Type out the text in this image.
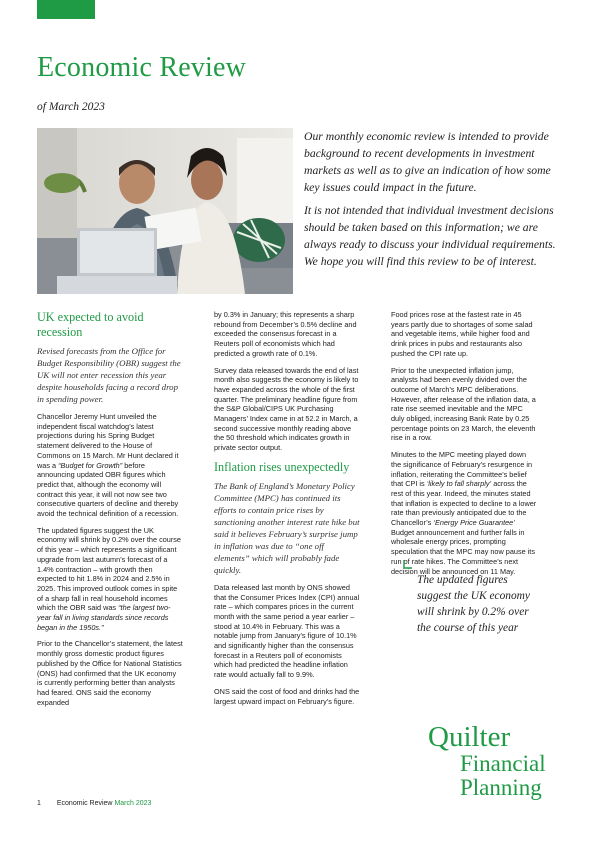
Economic Review
of March 2023

Our monthly economic review is intended to provide background to recent developments in investment markets as well as to give an indication of how some key issues could impact in the future.

It is not intended that individual investment decisions should be taken based on this information; we are always ready to discuss your individual requirements. We hope you will find this review to be of interest.

UK expected to avoid recession

Revised forecasts from the Office for Budget Responsibility (OBR) suggest the UK will not enter recession this year despite households facing a record drop in spending power.

Chancellor Jeremy Hunt unveiled the independent fiscal watchdog’s latest projections during his Spring Budget statement delivered to the House of Commons on 15 March. Mr Hunt declared it was a “Budget for Growth” before announcing updated OBR figures which predict that, although the economy will contract this year, it will not now see two consecutive quarters of decline and thereby avoid the technical definition of a recession.

The updated figures suggest the UK economy will shrink by 0.2% over the course of this year – which represents a significant upgrade from last autumn’s forecast of a 1.4% contraction – with growth then expected to hit 1.8% in 2024 and 2.5% in 2025. This improved outlook comes in spite of a sharp fall in real household incomes which the OBR said was “the largest two-year fall in living standards since records began in the 1950s.”

Prior to the Chancellor’s statement, the latest monthly gross domestic product figures published by the Office for National Statistics (ONS) had confirmed that the UK economy is currently performing better than analysts had feared. ONS said the economy expanded

by 0.3% in January; this represents a sharp rebound from December’s 0.5% decline and exceeded the consensus forecast in a Reuters poll of economists which had predicted a growth rate of 0.1%.

Survey data released towards the end of last month also suggests the economy is likely to have expanded across the whole of the first quarter. The preliminary headline figure from the S&P Global/CIPS UK Purchasing Managers’ Index came in at 52.2 in March, a second successive monthly reading above the 50 threshold which indicates growth in private sector output.

Inflation rises unexpectedly

The Bank of England’s Monetary Policy Committee (MPC) has continued its efforts to contain price rises by sanctioning another interest rate hike but said it believes February’s surprise jump in inflation was due to “one off elements” which will probably fade quickly.

Data released last month by ONS showed that the Consumer Prices Index (CPI) annual rate – which compares prices in the current month with the same period a year earlier – stood at 10.4% in February. This was a notable jump from January’s figure of 10.1% and significantly higher than the consensus forecast in a Reuters poll of economists which had predicted the headline inflation rate would actually fall to 9.9%.

ONS said the cost of food and drinks had the largest upward impact on February’s figure.

Food prices rose at the fastest rate in 45 years partly due to shortages of some salad and vegetable items, while higher food and drink prices in pubs and restaurants also pushed the CPI rate up.

Prior to the unexpected inflation jump, analysts had been evenly divided over the outcome of March’s MPC deliberations. However, after release of the inflation data, a rate rise seemed inevitable and the MPC duly obliged, increasing Bank Rate by 0.25 percentage points on 23 March, the eleventh rise in a row.

Minutes to the MPC meeting played down the significance of February’s resurgence in inflation, reiterating the Committee’s belief that CPI is ‘likely to fall sharply’ across the rest of this year. Indeed, the minutes stated that inflation is expected to decline to a lower rate than previously anticipated due to the Chancellor’s ‘Energy Price Guarantee’ Budget announcement and further falls in wholesale energy prices, prompting speculation that the MPC may now pause its run of rate hikes. The Committee’s next decision will be announced on 11 May.

The updated figures suggest the UK economy will shrink by 0.2% over the course of this year
Quilter
Financial
Planning
1 Economic Review March 2023
